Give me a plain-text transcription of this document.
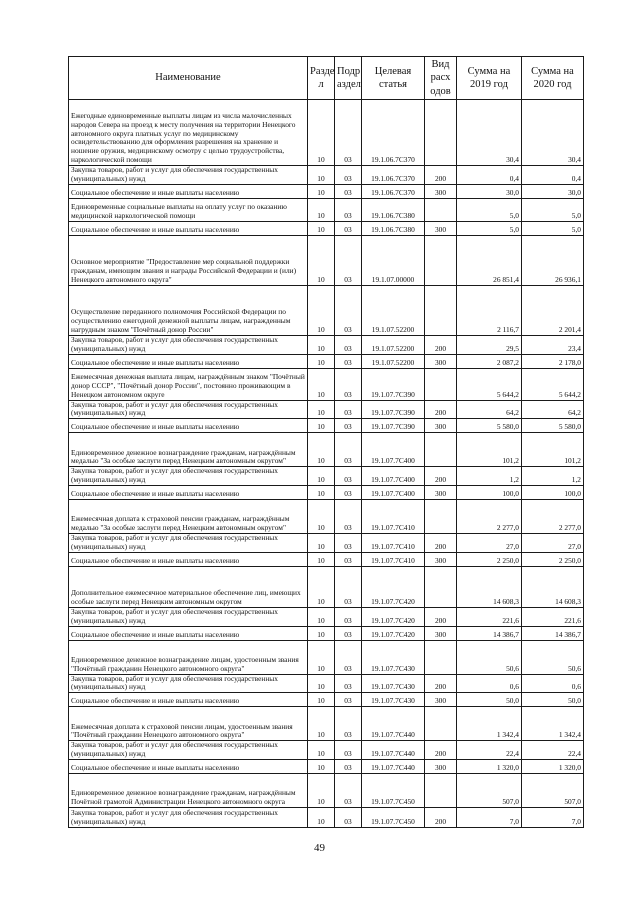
Наименование	Разде л	Подр аздел	Целевая статья	Вид расх одов	Сумма на 2019 год	Сумма на 2020 год
Ежегодные единовременные выплаты лицам из числа малочисленных народов Севера на проезд к месту получения на территории Ненецкого автономного округа платных услуг по медицинскому освидетельствованию для оформления разрешения на хранение и ношение оружия, медицинскому осмотру с целью трудоустройства, наркологической помощи	10	03	19.1.06.7С370		30,4	30,4
Закупка товаров, работ и услуг для обеспечения государственных (муниципальных) нужд	10	03	19.1.06.7С370	200	0,4	0,4
Социальное обеспечение и иные выплаты населению	10	03	19.1.06.7С370	300	30,0	30,0
Единовременные социальные выплаты на оплату услуг по оказанию медицинской наркологической помощи	10	03	19.1.06.7С380		5,0	5,0
Социальное обеспечение и иные выплаты населению	10	03	19.1.06.7С380	300	5,0	5,0
Основное мероприятие "Предоставление мер социальной поддержки гражданам, имеющим звания и награды Российской Федерации и (или) Ненецкого автономного округа"	10	03	19.1.07.00000		26 851,4	26 936,1
Осуществление переданного полномочия Российской Федерации по осуществлению ежегодной денежной выплаты лицам, награжденным нагрудным знаком "Почётный донор России"	10	03	19.1.07.52200		2 116,7	2 201,4
Закупка товаров, работ и услуг для обеспечения государственных (муниципальных) нужд	10	03	19.1.07.52200	200	29,5	23,4
Социальное обеспечение и иные выплаты населению	10	03	19.1.07.52200	300	2 087,2	2 178,0
Ежемесячная денежная выплата лицам, награждённым знаком "Почётный донор СССР", "Почётный донор России", постоянно проживающим в Ненецком автономном округе	10	03	19.1.07.7С390		5 644,2	5 644,2
Закупка товаров, работ и услуг для обеспечения государственных (муниципальных) нужд	10	03	19.1.07.7С390	200	64,2	64,2
Социальное обеспечение и иные выплаты населению	10	03	19.1.07.7С390	300	5 580,0	5 580,0
Единовременное денежное вознаграждение гражданам, награждённым медалью "За особые заслуги перед Ненецким автономным округом"	10	03	19.1.07.7С400		101,2	101,2
Закупка товаров, работ и услуг для обеспечения государственных (муниципальных) нужд	10	03	19.1.07.7С400	200	1,2	1,2
Социальное обеспечение и иные выплаты населению	10	03	19.1.07.7С400	300	100,0	100,0
Ежемесячная доплата к страховой пенсии гражданам, награждённым медалью "За особые заслуги перед Ненецким автономным округом"	10	03	19.1.07.7С410		2 277,0	2 277,0
Закупка товаров, работ и услуг для обеспечения государственных (муниципальных) нужд	10	03	19.1.07.7С410	200	27,0	27,0
Социальное обеспечение и иные выплаты населению	10	03	19.1.07.7С410	300	2 250,0	2 250,0
Дополнительное ежемесячное материальное обеспечение лиц, имеющих особые заслуги перед Ненецким автономным округом	10	03	19.1.07.7С420		14 608,3	14 608,3
Закупка товаров, работ и услуг для обеспечения государственных (муниципальных) нужд	10	03	19.1.07.7С420	200	221,6	221,6
Социальное обеспечение и иные выплаты населению	10	03	19.1.07.7С420	300	14 386,7	14 386,7
Единовременное денежное вознаграждение лицам, удостоенным звания "Почётный гражданин Ненецкого автономного округа"	10	03	19.1.07.7С430		50,6	50,6
Закупка товаров, работ и услуг для обеспечения государственных (муниципальных) нужд	10	03	19.1.07.7С430	200	0,6	0,6
Социальное обеспечение и иные выплаты населению	10	03	19.1.07.7С430	300	50,0	50,0
Ежемесячная доплата к страховой пенсии лицам, удостоенным звания "Почётный гражданин Ненецкого автономного округа"	10	03	19.1.07.7С440		1 342,4	1 342,4
Закупка товаров, работ и услуг для обеспечения государственных (муниципальных) нужд	10	03	19.1.07.7С440	200	22,4	22,4
Социальное обеспечение и иные выплаты населению	10	03	19.1.07.7С440	300	1 320,0	1 320,0
Единовременное денежное вознаграждение гражданам, награждённым Почётной грамотой Администрации Ненецкого автономного округа	10	03	19.1.07.7С450		507,0	507,0
Закупка товаров, работ и услуг для обеспечения государственных (муниципальных) нужд	10	03	19.1.07.7С450	200	7,0	7,0
49
